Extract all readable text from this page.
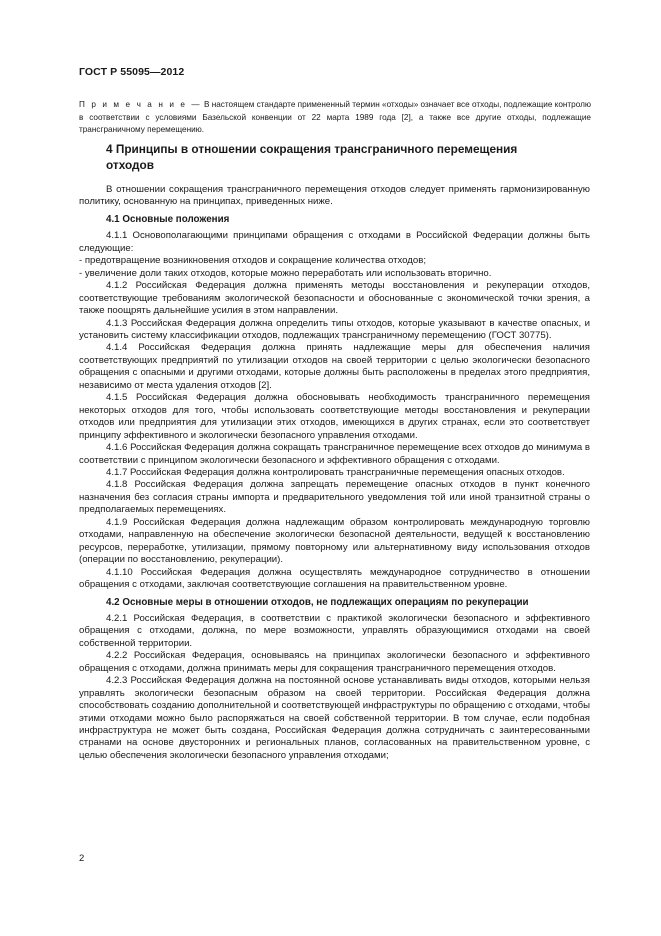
ГОСТ Р 55095—2012
П р и м е ч а н и е — В настоящем стандарте примененный термин «отходы» означает все отходы, подлежащие контролю в соответствии с условиями Базельской конвенции от 22 марта 1989 года [2], а также все другие отходы, подлежащие трансграничному перемещению.
4 Принципы в отношении сокращения трансграничного перемещения отходов

В отношении сокращения трансграничного перемещения отходов следует применять гармонизированную политику, основанную на принципах, приведенных ниже.

4.1 Основные положения

4.1.1 Основополагающими принципами обращения с отходами в Российской Федерации должны быть следующие:

- предотвращение возникновения отходов и сокращение количества отходов;

- увеличение доли таких отходов, которые можно переработать или использовать вторично.

4.1.2 Российская Федерация должна применять методы восстановления и рекуперации отходов, соответствующие требованиям экологической безопасности и обоснованные с экономической точки зрения, а также поощрять дальнейшие усилия в этом направлении.

4.1.3 Российская Федерация должна определить типы отходов, которые указывают в качестве опасных, и установить систему классификации отходов, подлежащих трансграничному перемещению (ГОСТ 30775).

4.1.4 Российская Федерация должна принять надлежащие меры для обеспечения наличия соответствующих предприятий по утилизации отходов на своей территории с целью экологически безопасного обращения с опасными и другими отходами, которые должны быть расположены в пределах этого предприятия, независимо от места удаления отходов [2].

4.1.5 Российская Федерация должна обосновывать необходимость трансграничного перемещения некоторых отходов для того, чтобы использовать соответствующие методы восстановления и рекуперации отходов или предприятия для утилизации этих отходов, имеющихся в других странах, если это соответствует принципу эффективного и экологически безопасного управления отходами.

4.1.6 Российская Федерация должна сокращать трансграничное перемещение всех отходов до минимума в соответствии с принципом экологически безопасного и эффективного обращения с отходами.

4.1.7 Российская Федерация должна контролировать трансграничные перемещения опасных отходов.

4.1.8 Российская Федерация должна запрещать перемещение опасных отходов в пункт конечного назначения без согласия страны импорта и предварительного уведомления той или иной транзитной страны о предполагаемых перемещениях.

4.1.9 Российская Федерация должна надлежащим образом контролировать международную торговлю отходами, направленную на обеспечение экологически безопасной деятельности, ведущей к восстановлению ресурсов, переработке, утилизации, прямому повторному или альтернативному виду использования отходов (операции по восстановлению, рекуперации).

4.1.10 Российская Федерация должна осуществлять международное сотрудничество в отношении обращения с отходами, заключая соответствующие соглашения на правительственном уровне.

4.2 Основные меры в отношении отходов, не подлежащих операциям по рекуперации

4.2.1 Российская Федерация, в соответствии с практикой экологически безопасного и эффективного обращения с отходами, должна, по мере возможности, управлять образующимися отходами на своей собственной территории.

4.2.2 Российская Федерация, основываясь на принципах экологически безопасного и эффективного обращения с отходами, должна принимать меры для сокращения трансграничного перемещения отходов.

4.2.3 Российская Федерация должна на постоянной основе устанавливать виды отходов, которыми нельзя управлять экологически безопасным образом на своей территории. Российская Федерация должна способствовать созданию дополнительной и соответствующей инфраструктуры по обращению с отходами, чтобы этими отходами можно было распоряжаться на своей собственной территории. В том случае, если подобная инфраструктура не может быть создана, Российская Федерация должна сотрудничать с заинтересованными странами на основе двусторонних и региональных планов, согласованных на правительственном уровне, с целью обеспечения экологически безопасного управления отходами;

2
